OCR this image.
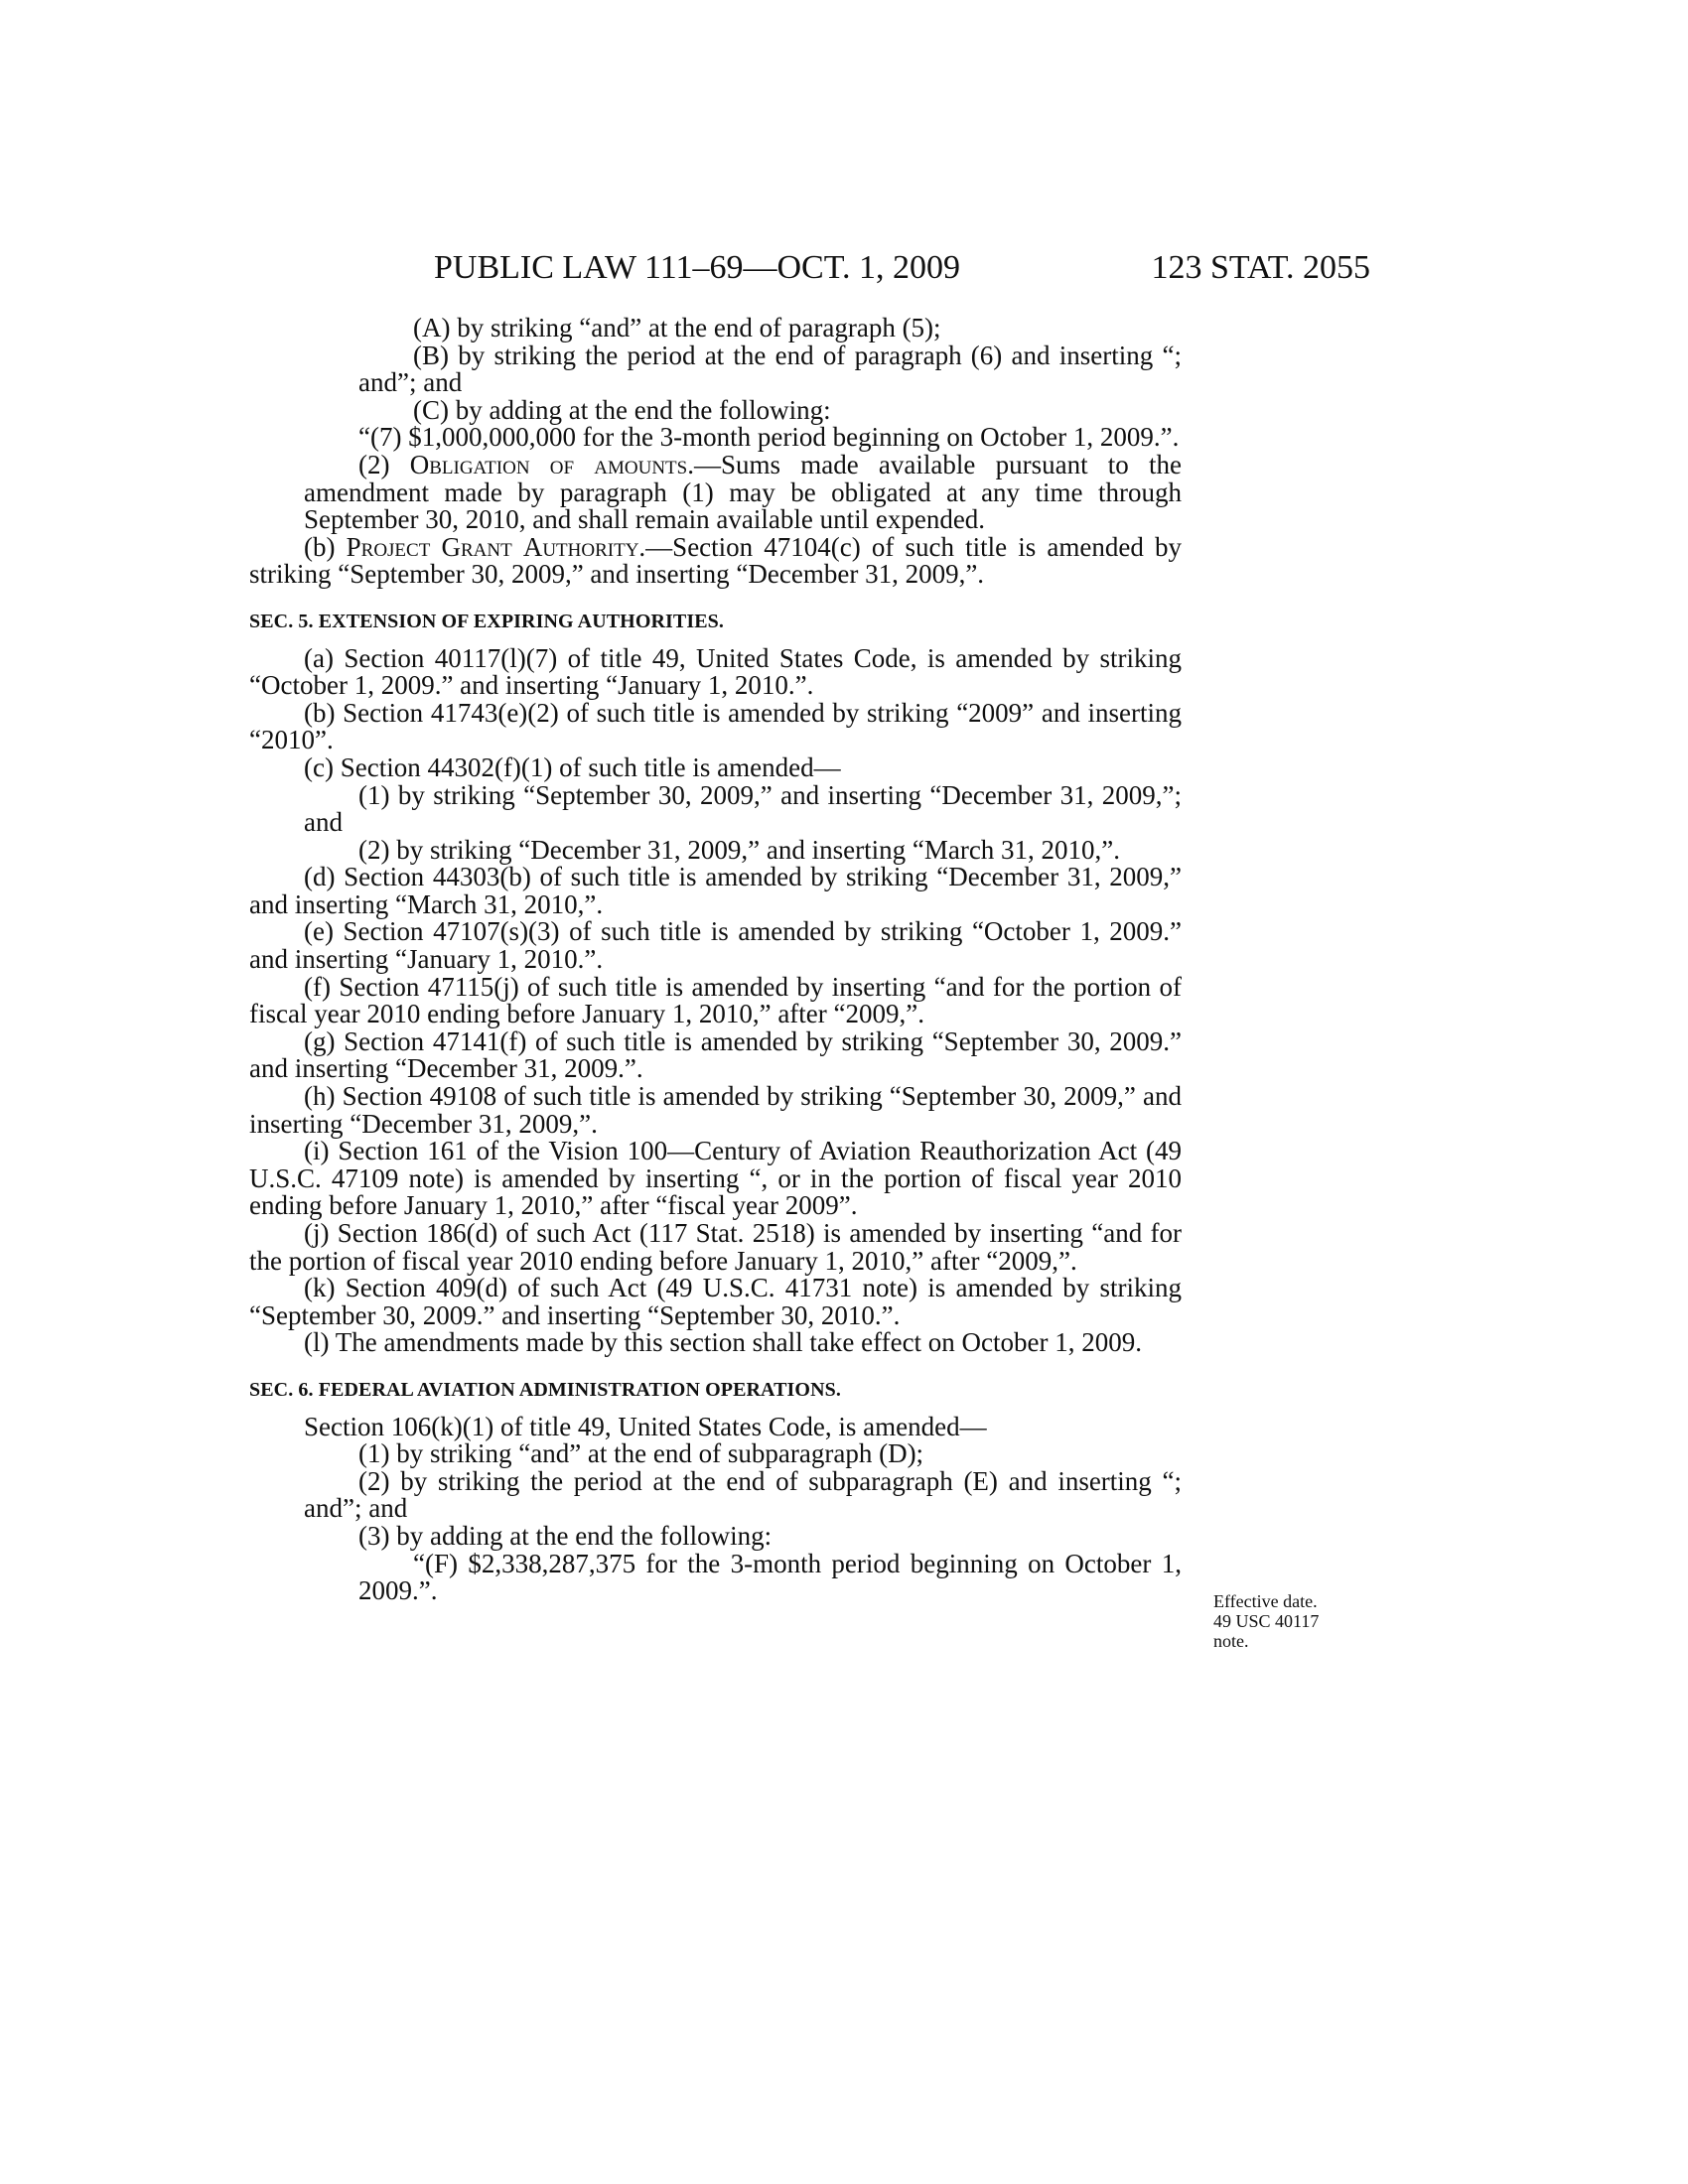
PUBLIC LAW 111–69—OCT. 1, 2009	123 STAT. 2055

(A) by striking “and” at the end of paragraph (5);

(B) by striking the period at the end of paragraph (6) and inserting “; and”; and

(C) by adding at the end the following:

“(7) $1,000,000,000 for the 3-month period beginning on October 1, 2009.”.

(2) Obligation of amounts.—Sums made available pursuant to the amendment made by paragraph (1) may be obligated at any time through September 30, 2010, and shall remain available until expended.

(b) Project Grant Authority.—Section 47104(c) of such title is amended by striking “September 30, 2009,” and inserting “December 31, 2009,”.

SEC. 5. EXTENSION OF EXPIRING AUTHORITIES.

(a) Section 40117(l)(7) of title 49, United States Code, is amended by striking “October 1, 2009.” and inserting “January 1, 2010.”.

(b) Section 41743(e)(2) of such title is amended by striking “2009” and inserting “2010”.

(c) Section 44302(f)(1) of such title is amended—

(1) by striking “September 30, 2009,” and inserting “December 31, 2009,”; and

(2) by striking “December 31, 2009,” and inserting “March 31, 2010,”.

(d) Section 44303(b) of such title is amended by striking “December 31, 2009,” and inserting “March 31, 2010,”.

(e) Section 47107(s)(3) of such title is amended by striking “October 1, 2009.” and inserting “January 1, 2010.”.

(f) Section 47115(j) of such title is amended by inserting “and for the portion of fiscal year 2010 ending before January 1, 2010,” after “2009,”.

(g) Section 47141(f) of such title is amended by striking “September 30, 2009.” and inserting “December 31, 2009.”.

(h) Section 49108 of such title is amended by striking “September 30, 2009,” and inserting “December 31, 2009,”.

(i) Section 161 of the Vision 100—Century of Aviation Reauthorization Act (49 U.S.C. 47109 note) is amended by inserting “, or in the portion of fiscal year 2010 ending before January 1, 2010,” after “fiscal year 2009”.

(j) Section 186(d) of such Act (117 Stat. 2518) is amended by inserting “and for the portion of fiscal year 2010 ending before January 1, 2010,” after “2009,”.

(k) Section 409(d) of such Act (49 U.S.C. 41731 note) is amended by striking “September 30, 2009.” and inserting “September 30, 2010.”.

(l) The amendments made by this section shall take effect on October 1, 2009.

SEC. 6. FEDERAL AVIATION ADMINISTRATION OPERATIONS.

Section 106(k)(1) of title 49, United States Code, is amended—

(1) by striking “and” at the end of subparagraph (D);

(2) by striking the period at the end of subparagraph (E) and inserting “; and”; and

(3) by adding at the end the following:

“(F) $2,338,287,375 for the 3-month period beginning on October 1, 2009.”.	Effective date.
49 USC 40117
note.
